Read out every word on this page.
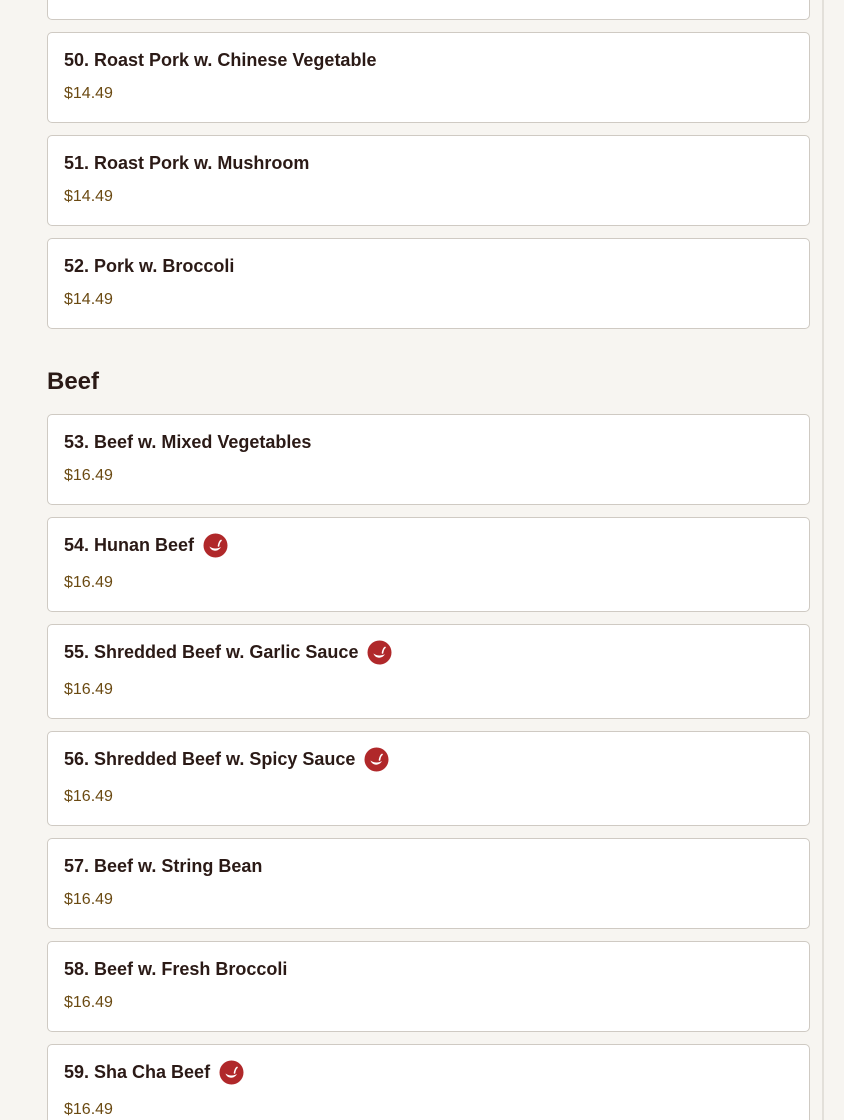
50. Roast Pork w. Chinese Vegetable
$14.49
51. Roast Pork w. Mushroom
$14.49
52. Pork w. Broccoli
$14.49
Beef
53. Beef w. Mixed Vegetables
$16.49
54. Hunan Beef
$16.49
55. Shredded Beef w. Garlic Sauce
$16.49
56. Shredded Beef w. Spicy Sauce
$16.49
57. Beef w. String Bean
$16.49
58. Beef w. Fresh Broccoli
$16.49
59. Sha Cha Beef
$16.49
